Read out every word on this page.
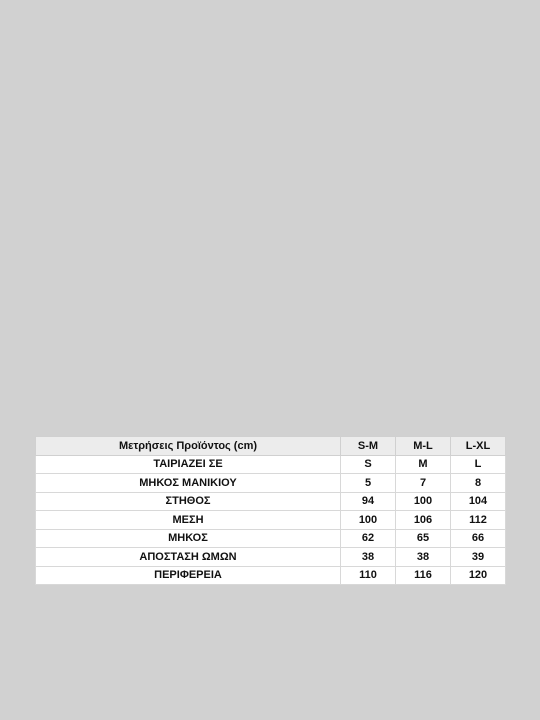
Μετρήσεις Προϊόντος (cm)	S-M	M-L	L-XL
ΤΑΙΡΙΑΖΕΙ ΣΕ	S	M	L
ΜΗΚΟΣ ΜΑΝΙΚΙΟΥ	5	7	8
ΣΤΗΘΟΣ	94	100	104
ΜΕΣΗ	100	106	112
ΜΗΚΟΣ	62	65	66
ΑΠΟΣΤΑΣΗ ΩΜΩΝ	38	38	39
ΠΕΡΙΦΕΡΕΙΑ	110	116	120
